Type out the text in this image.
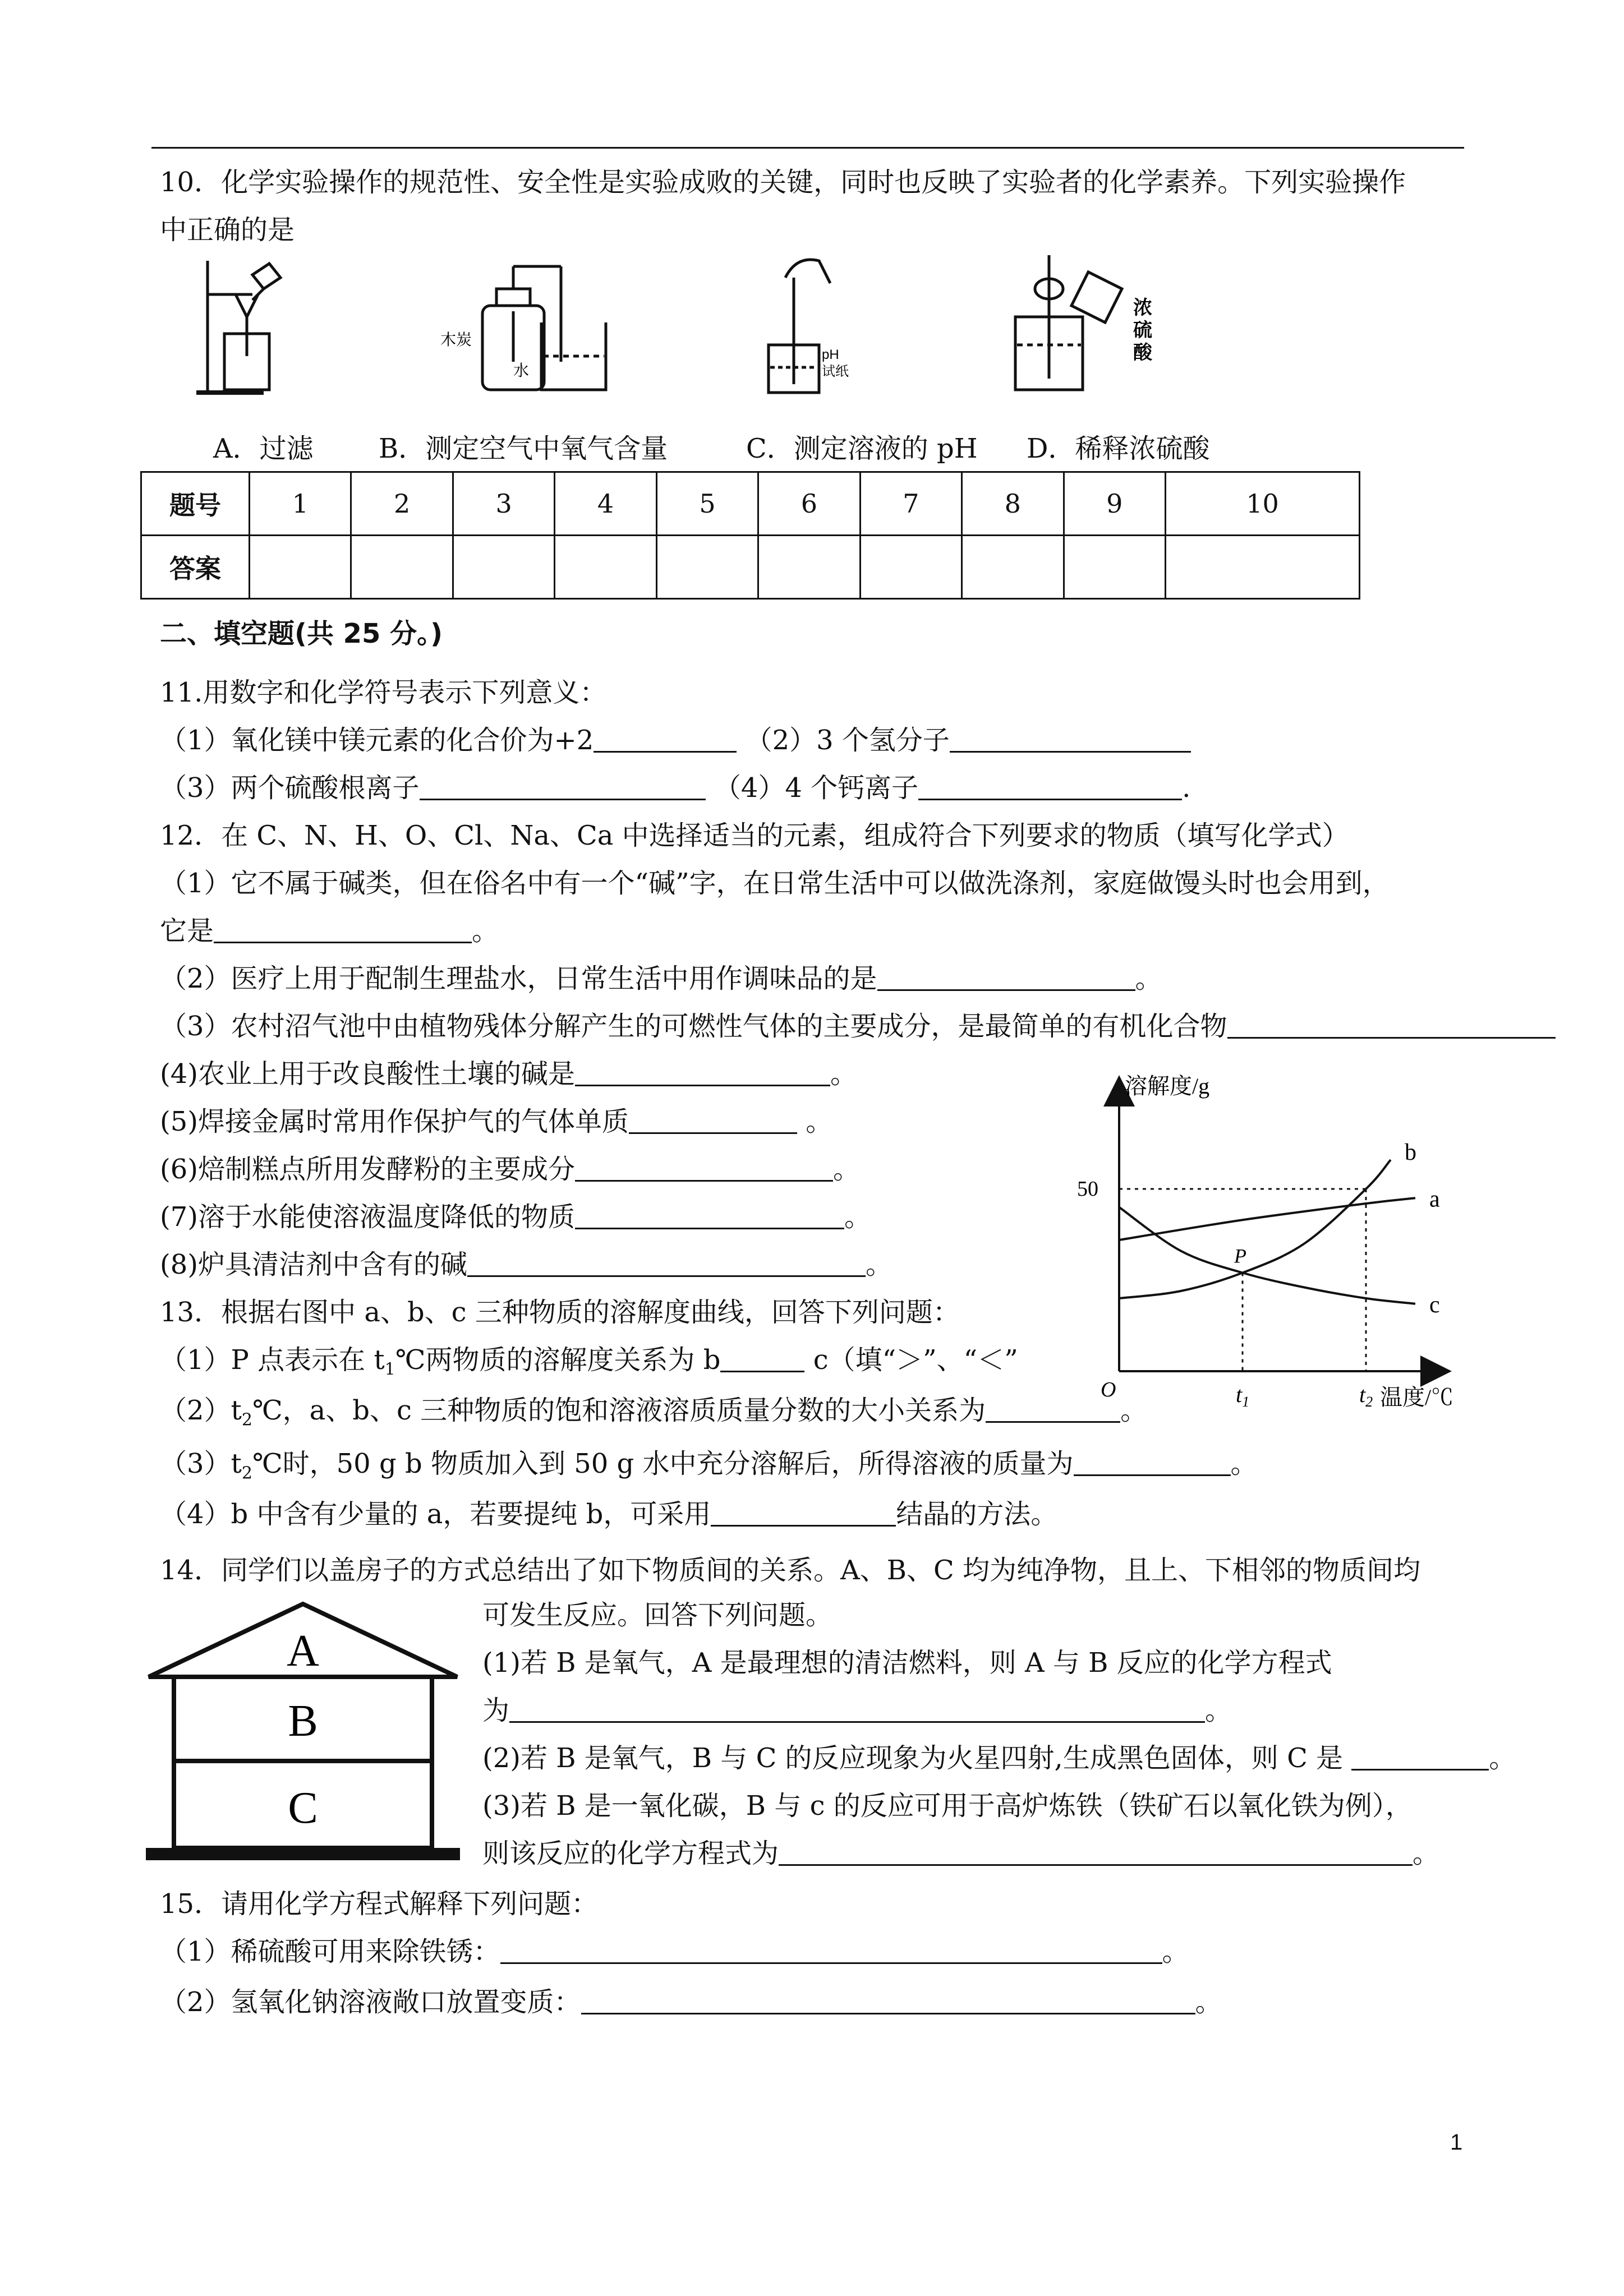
10．化学实验操作的规范性、安全性是实验成败的关键，同时也反映了实验者的化学素养。下列实验操作
中正确的是
木炭
水
pH
试纸
浓
硫
酸
A．过滤 B．测定空气中氧气含量	C．测定溶液的 pH D．稀释浓硫酸
题号	1	2	3	4	5	6	7	8	9	10
答案										
二、填空题(共 25 分。)
11.用数字和化学符号表示下列意义：
（1）氧化镁中镁元素的化合价为+2	（2）3 个氢分子
（3）两个硫酸根离子	（4）4 个钙离子	.
12．在 C、N、H、O、Cl、Na、Ca 中选择适当的元素，组成符合下列要求的物质（填写化学式）
（1）它不属于碱类，但在俗名中有一个“碱”字，在日常生活中可以做洗涤剂，家庭做馒头时也会用到，
它是	。
（2）医疗上用于配制生理盐水，日常生活中用作调味品的是	。
（3）农村沼气池中由植物残体分解产生的可燃性气体的主要成分，是最简单的有机化合物
(4)农业上用于改良酸性土壤的碱是	。
(5)焊接金属时常用作保护气的气体单质	。
(6)焙制糕点所用发酵粉的主要成分	。
(7)溶于水能使溶液温度降低的物质	。
(8)炉具清洁剂中含有的碱	。
13．根据右图中 a、b、c 三种物质的溶解度曲线，回答下列问题：
（1）P 点表示在 $t_1℃$两物质的溶解度关系为 b	c（填“＞”、“＜”
$(2)t_2℃$，a、b、c 三种物质的饱和溶液溶质质量分数的大小关系为	。
$(3)t_2℃$时，50 g b 物质加入到 50 g 水中充分溶解后，所得溶液的质量为	。
（4）b 中含有少量的 a，若要提纯 b，可采用	结晶的方法。
溶解度/g
温度/℃
O
a
b
c
P
50
$t_1$	$t_2$
14．同学们以盖房子的方式总结出了如下物质间的关系。A、B、C 均为纯净物，且上、下相邻的物质间均
可发生反应。回答下列问题。
A
B
C
(1)若 B 是氧气，A 是最理想的清洁燃料，则 A 与 B 反应的化学方程式
为	。
(2)若 B 是氧气，B 与 C 的反应现象为火星四射,生成黑色固体，则 C 是	。
(3)若 B 是一氧化碳，B 与 c 的反应可用于高炉炼铁（铁矿石以氧化铁为例），
则该反应的化学方程式为	。
15．请用化学方程式解释下列问题：
（1）稀硫酸可用来除铁锈：	。
（2）氢氧化钠溶液敞口放置变质：	。
1
